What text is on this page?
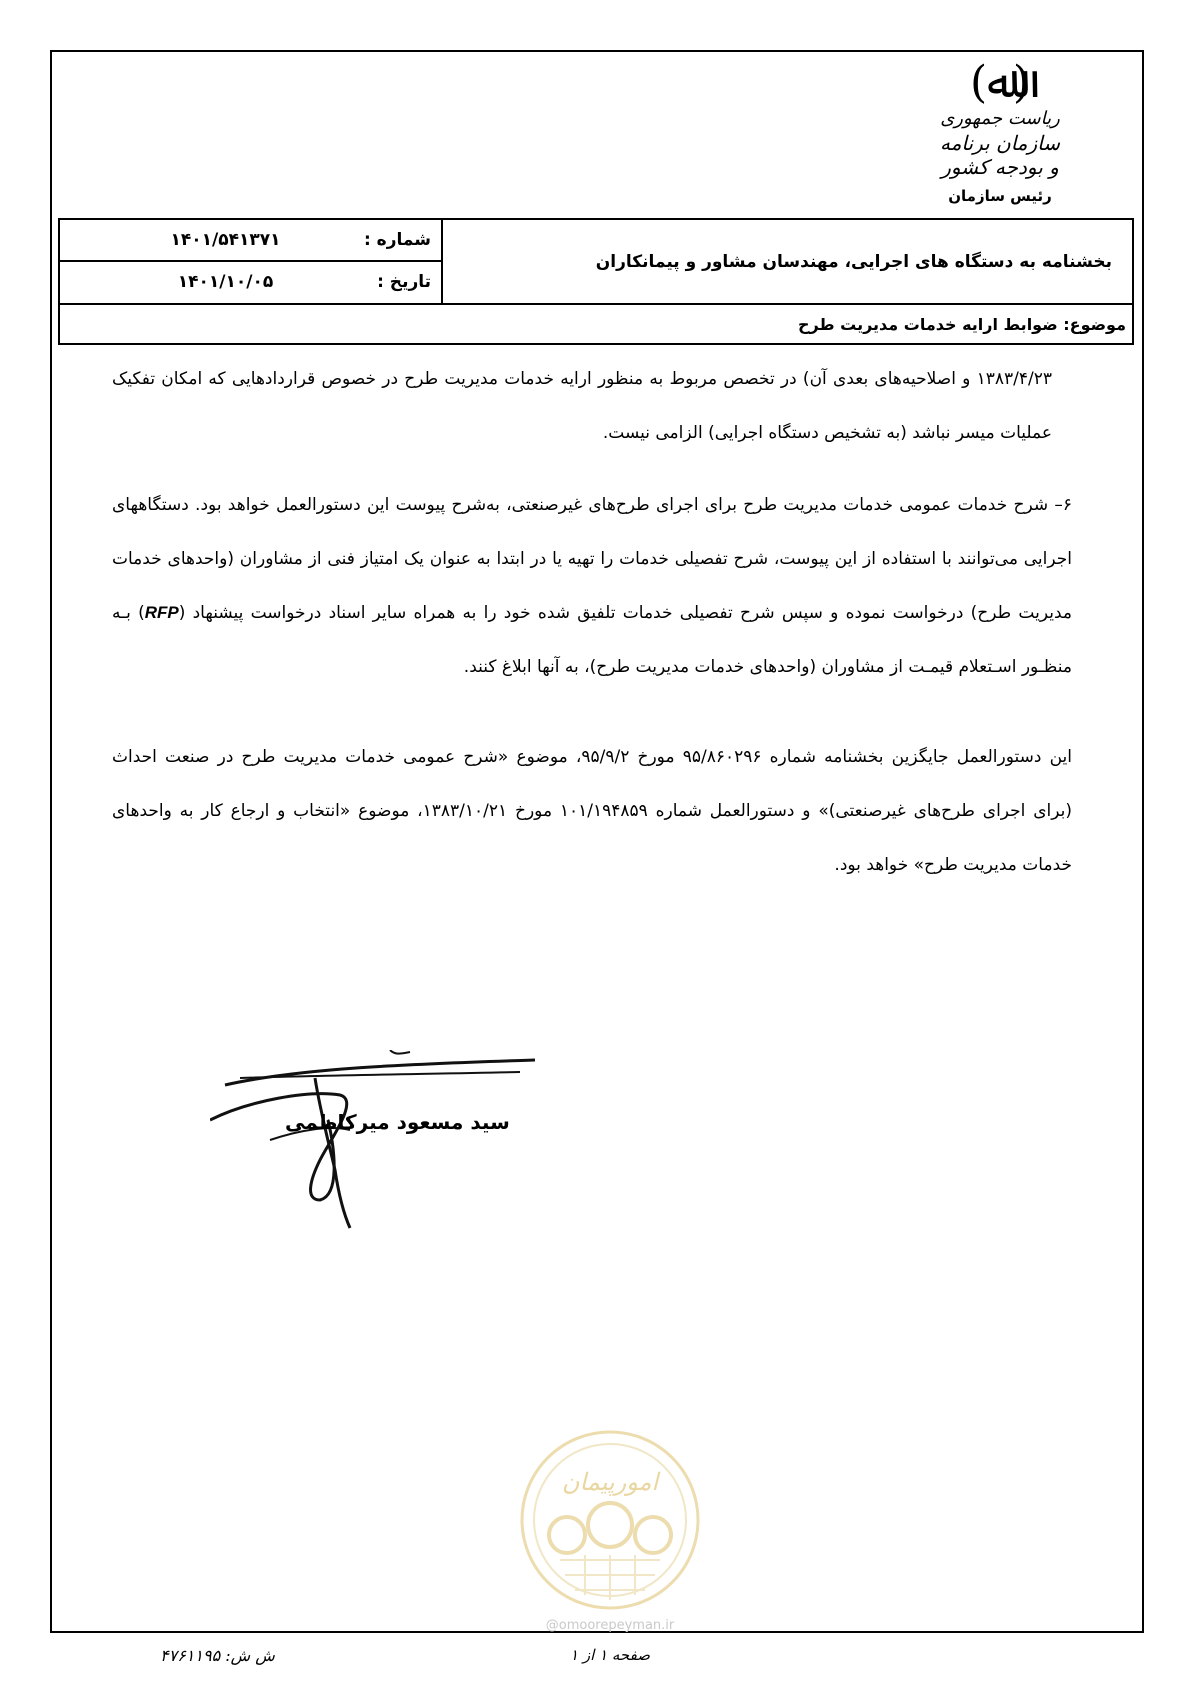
(ﷲ)
ریاست جمهوری
سازمان برنامه و بودجه کشور
رئیس سازمان
شماره :
۱۴۰۱/۵۴۱۳۷۱
تاریخ :
۱۴۰۱/۱۰/۰۵
بخشنامه به دستگاه های اجرایی، مهندسان مشاور و پیمانکاران
موضوع: ضوابط ارایه خدمات مدیریت طرح
۱۳۸۳/۴/۲۳ و اصلاحیه‌های بعدی آن) در تخصص مربوط به منظور ارایه خدمات مدیریت طرح در خصوص قراردادهایی که امکان تفکیک عملیات میسر نباشد (به تشخیص دستگاه اجرایی) الزامی نیست.
۶– شرح خدمات عمومی خدمات مدیریت طرح برای اجرای طرح‌های غیرصنعتی، به‌شرح پیوست این دستورالعمل خواهد بود. دستگاههای اجرایی می‌توانند با استفاده از این پیوست، شرح تفصیلی خدمات را تهیه یا در ابتدا به عنوان یک امتیاز فنی از مشاوران (واحدهای خدمات مدیریت طرح) درخواست نموده و سپس شرح تفصیلی خدمات تلفیق شده خود را به همراه سایر اسناد درخواست پیشنهاد (RFP) بـه منظـور اسـتعلام قیمـت از مشاوران (واحدهای خدمات مدیریت طرح)، به آنها ابلاغ کنند.
این دستورالعمل جایگزین بخشنامه شماره ۹۵/۸۶۰۲۹۶ مورخ ۹۵/۹/۲، موضوع «شرح عمومی خدمات مدیریت طرح در صنعت احداث (برای اجرای طرح‌های غیرصنعتی)» و دستورالعمل شماره ۱۰۱/۱۹۴۸۵۹ مورخ ۱۳۸۳/۱۰/۲۱، موضوع «انتخاب و ارجاع کار به واحدهای خدمات مدیریت طرح» خواهد بود.
سید مسعود میرکاظمی
امورپیمان
@omoorepeyman.ir
ش ش: ۴۷۶۱۱۹۵	صفحه ۱ از ۱
